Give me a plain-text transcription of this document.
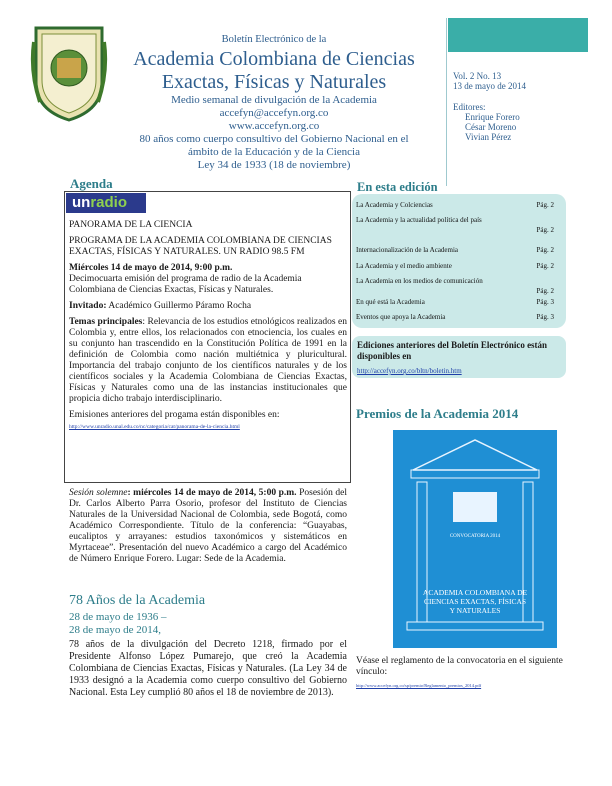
Boletín Electrónico de la
Academia Colombiana de Ciencias
Exactas, Físicas y Naturales
Medio semanal de divulgación de la Academia
accefyn@accefyn.org.co
www.accefyn.org.co
80 años como cuerpo consultivo del Gobierno Nacional en el
ámbito de la Educación y de la Ciencia
Ley 34 de 1933 (18 de noviembre)
Vol. 2 No. 13
13 de mayo de 2014
Editores:
Enrique Forero
César Moreno
Vivian Pérez
Agenda
unradio

PANORAMA DE LA CIENCIA

PROGRAMA DE LA ACADEMIA COLOMBIANA DE CIENCIAS EXACTAS, FÍSICAS Y NATURALES. UN RADIO 98.5 FM

Miércoles 14 de mayo de 2014, 9:00 p.m.

Decimocuarta emisión del programa de radio de la Academia Colombiana de Ciencias Exactas, Físicas y Naturales.

Invitado: Académico Guillermo Páramo Rocha

Temas principales: Relevancia de los estudios etnológicos realizados en Colombia y, entre ellos, los relacionados con etnociencia, los cuales en su conjunto han trascendido en la Constitución Política de 1991 en la definición de Colombia como nación multiétnica y pluricultural. Importancia del trabajo conjunto de los científicos naturales y de los científicos sociales y la Academia Colombiana de Ciencias Exactas, Físicas y Naturales como una de las instancias institucionales que propicia dicho trabajo interdisciplinario.

Emisiones anteriores del progama están disponibles en:

http://www.unradio.unal.edu.co/nc/categoria/cat/panorama-de-la-ciencia.html
Sesión solemne: miércoles 14 de mayo de 2014, 5:00 p.m. Posesión del Dr. Carlos Alberto Parra Osorio, profesor del Instituto de Ciencias Naturales de la Universidad Nacional de Colombia, sede Bogotá, como Académico Correspondiente. Título de la conferencia: “Guayabas, eucaliptos y arrayanes: estudios taxonómicos y sistemáticos en Myrtaceae”. Presentación del nuevo Académico a cargo del Académico de Número Enrique Forero. Lugar: Sede de la Academia.
78 Años de la Academia
28 de mayo de 1936 –
28 de mayo de 2014,
78 años de la divulgación del Decreto 1218, firmado por el Presidente Alfonso López Pumarejo, que creó la Academia Colombiana de Ciencias Exactas, Físicas y Naturales. (La Ley 34 de 1933 designó a la Academia como cuerpo consultivo del Gobierno Nacional. Esta Ley cumplió 80 años el 18 de noviembre de 2013).
En esta edición
La Academia y Colciencias	Pág. 2
La Academia y la actualidad política del país
Pág. 2
Internacionalización de la Academia	Pág. 2
La Academia y el medio ambiente	Pág. 2
La Academia en los medios de comunicación
Pág. 2
En qué está la Academia	Pág. 3
Eventos que apoya la Academia	Pág. 3
Ediciones anteriores del Boletín Electrónico están disponibles en
http://accefyn.org.co/bltn/boletin.htm
Premios de la Academia 2014
CONVOCATORIA 2014
ACADEMIA COLOMBIANA DE CIENCIAS EXACTAS, FÍSICAS Y NATURALES
Véase el reglamento de la convocatoria en el siguiente vínculo:
http://www.accefyn.org.co/sp/premio/Reglamento_premios_2014.pdf
